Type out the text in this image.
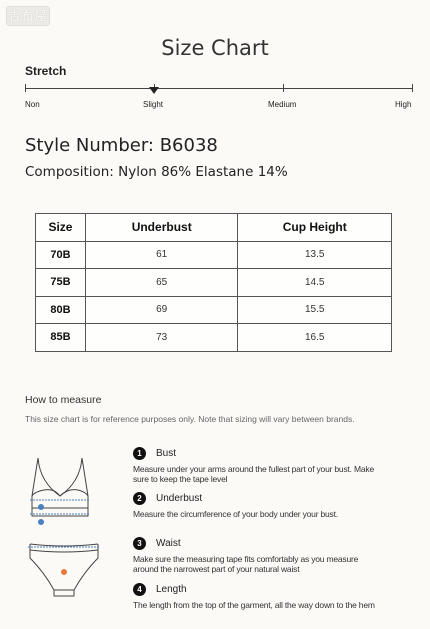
吉布屋
Size Chart
Stretch
Non	Slight	Medium	High
Style Number: B6038
Composition: Nylon 86% Elastane 14%
Size	Underbust	Cup Height
70B	61	13.5
75B	65	14.5
80B	69	15.5
85B	73	16.5
How to measure
This size chart is for reference purposes only. Note that sizing will vary between brands.
1	Bust
Measure under your arms around the fullest part of your bust. Make
sure to keep the tape level
2	Underbust
Measure the circumference of your body under your bust.
3	Waist
Make sure the measuring tape fits comfortably as you measure
around the narrowest part of your natural waist
4	Length
The length from the top of the garment, all the way down to the hem
